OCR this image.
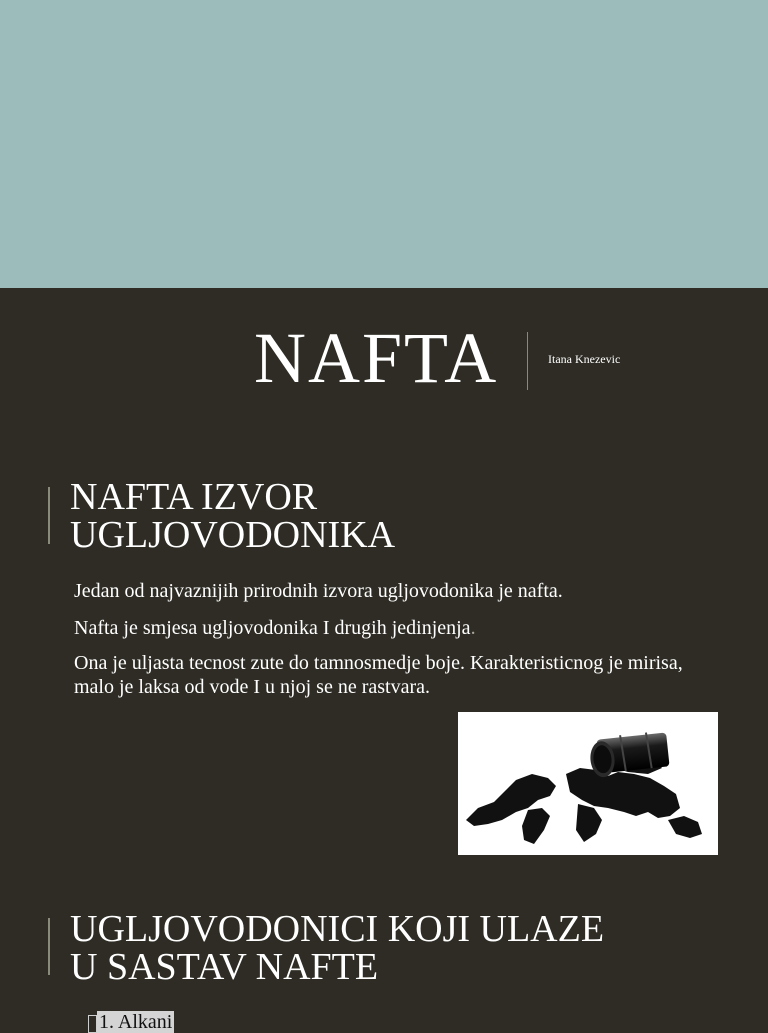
NAFTA	Itana Knezevic
NAFTA IZVOR
UGLJOVODONIKA

Jedan od najvaznijih prirodnih izvora ugljovodonika je nafta.

Nafta je smjesa ugljovodonika I drugih jedinjenja.

Ona je uljasta tecnost zute do tamnosmedje boje. Karakteristicnog je mirisa, malo je laksa od vode I u njoj se ne rastvara.

UGLJOVODONICI KOJI ULAZE
U SASTAV NAFTE
1. Alkani
